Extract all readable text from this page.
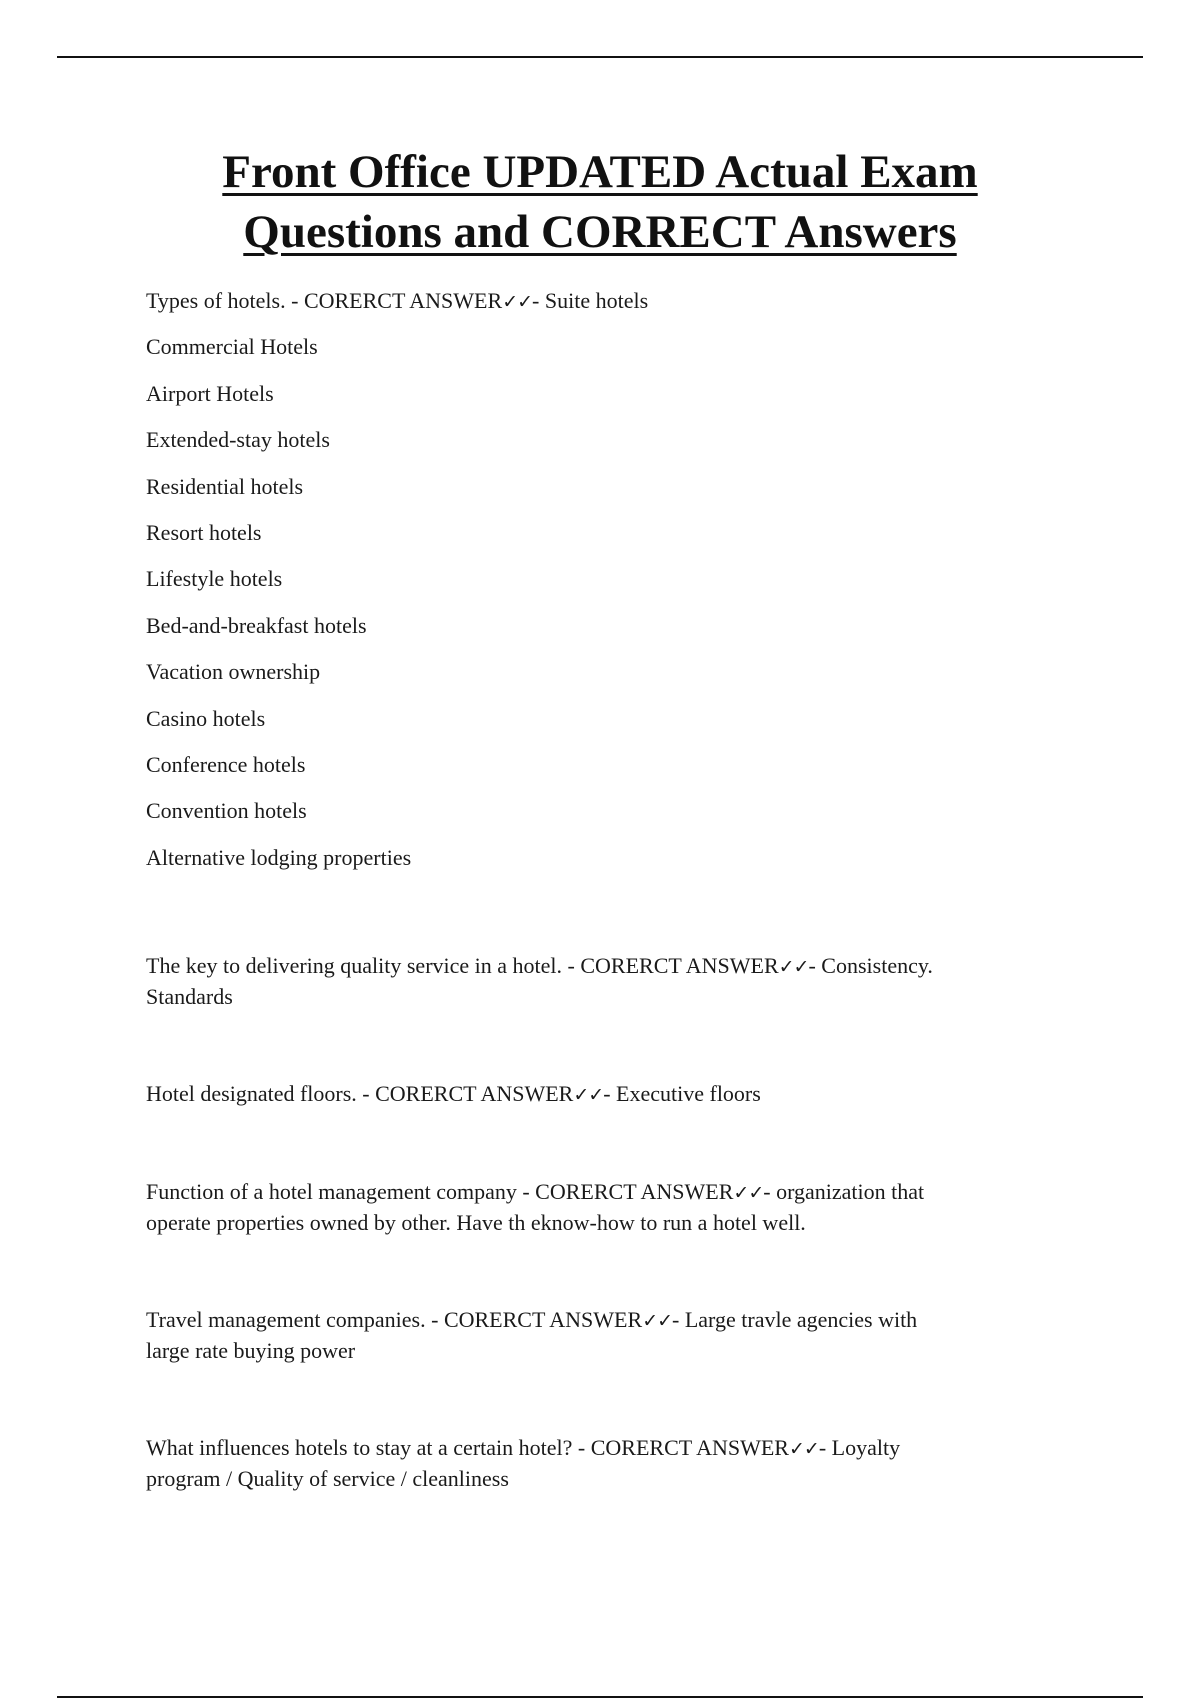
Front Office UPDATED Actual Exam
Questions and CORRECT Answers
Types of hotels. - CORERCT ANSWER✓✓- Suite hotels
Commercial Hotels
Airport Hotels
Extended-stay hotels
Residential hotels
Resort hotels
Lifestyle hotels
Bed-and-breakfast hotels
Vacation ownership
Casino hotels
Conference hotels
Convention hotels
Alternative lodging properties
The key to delivering quality service in a hotel. - CORERCT ANSWER✓✓- Consistency.
Standards
Hotel designated floors. - CORERCT ANSWER✓✓- Executive floors
Function of a hotel management company - CORERCT ANSWER✓✓- organization that
operate properties owned by other. Have th eknow-how to run a hotel well.
Travel management companies. - CORERCT ANSWER✓✓- Large travle agencies with
large rate buying power
What influences hotels to stay at a certain hotel? - CORERCT ANSWER✓✓- Loyalty
program / Quality of service / cleanliness
